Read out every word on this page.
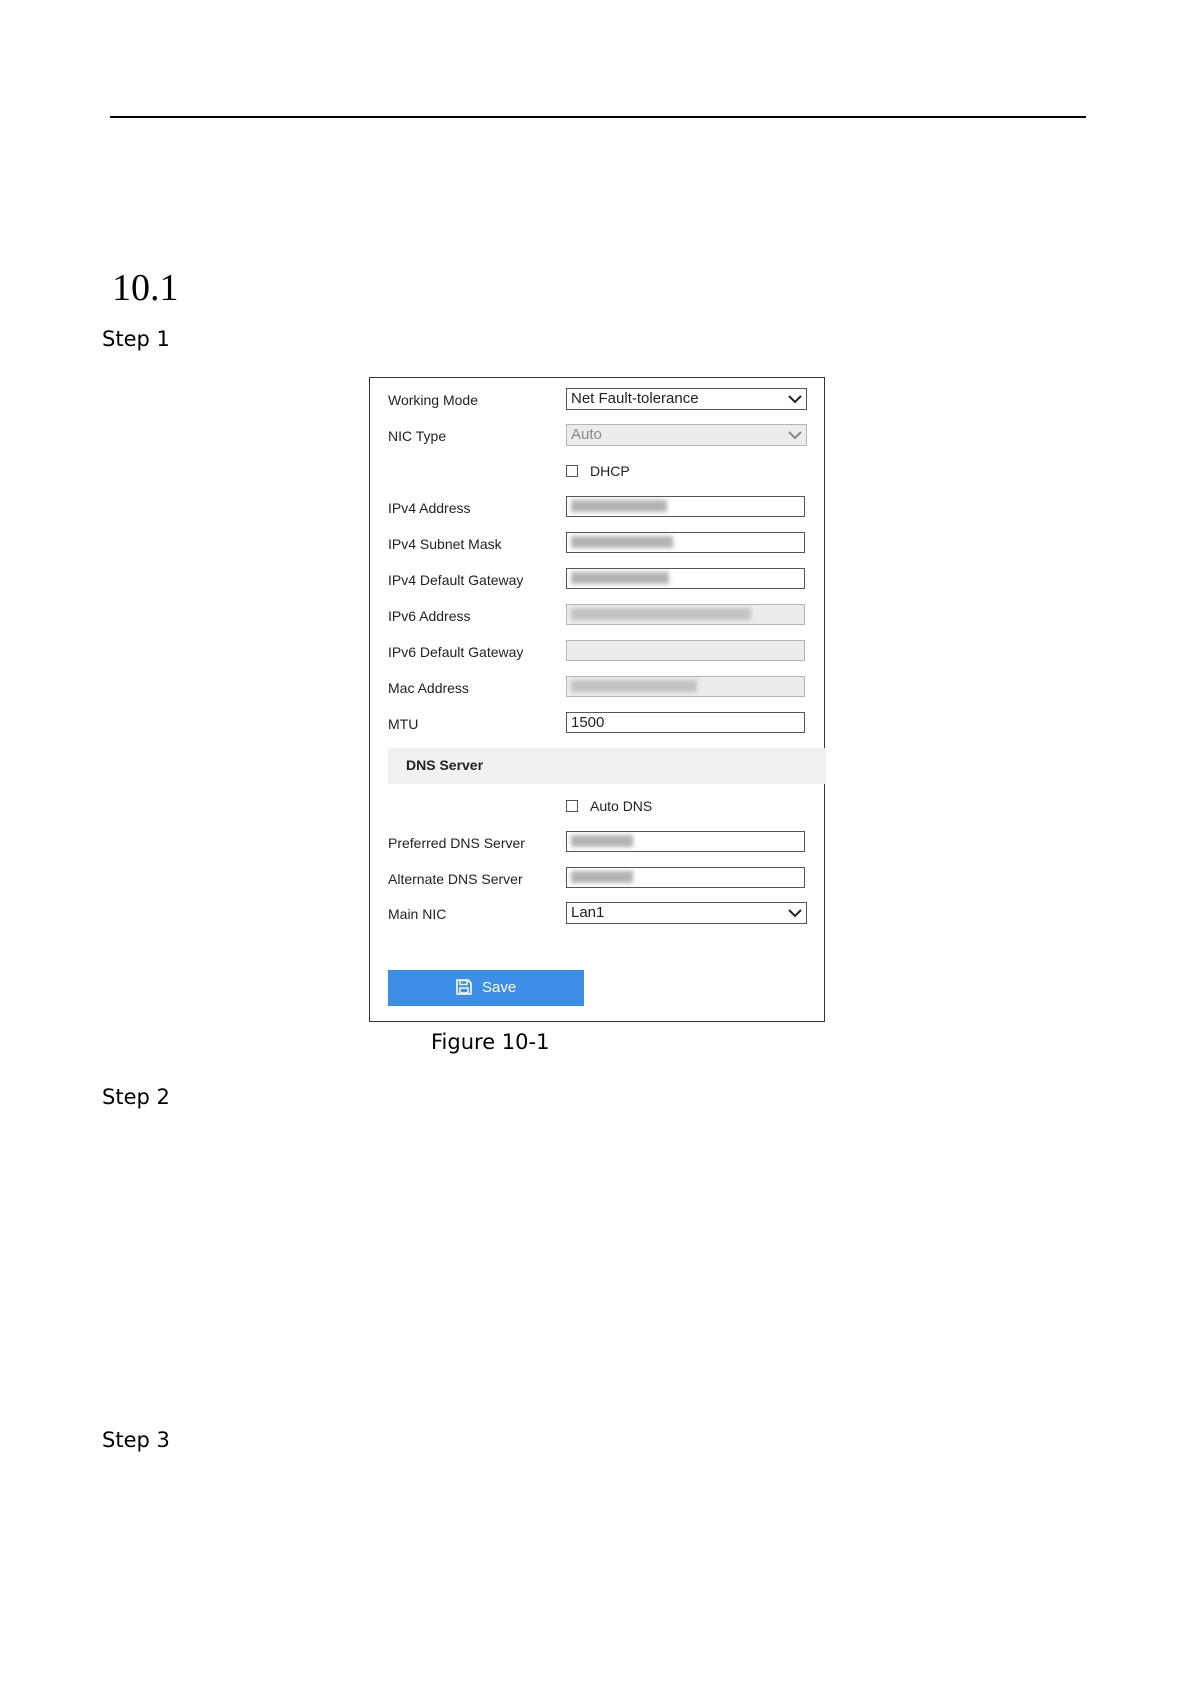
10.1
Step 1
Working Mode	Net Fault-tolerance
NIC Type	Auto
DHCP
IPv4 Address
IPv4 Subnet Mask
IPv4 Default Gateway
IPv6 Address
IPv6 Default Gateway
Mac Address
MTU	1500
DNS Server
Auto DNS
Preferred DNS Server
Alternate DNS Server
Main NIC	Lan1
Save
Figure 10-1
Step 2
Step 3
